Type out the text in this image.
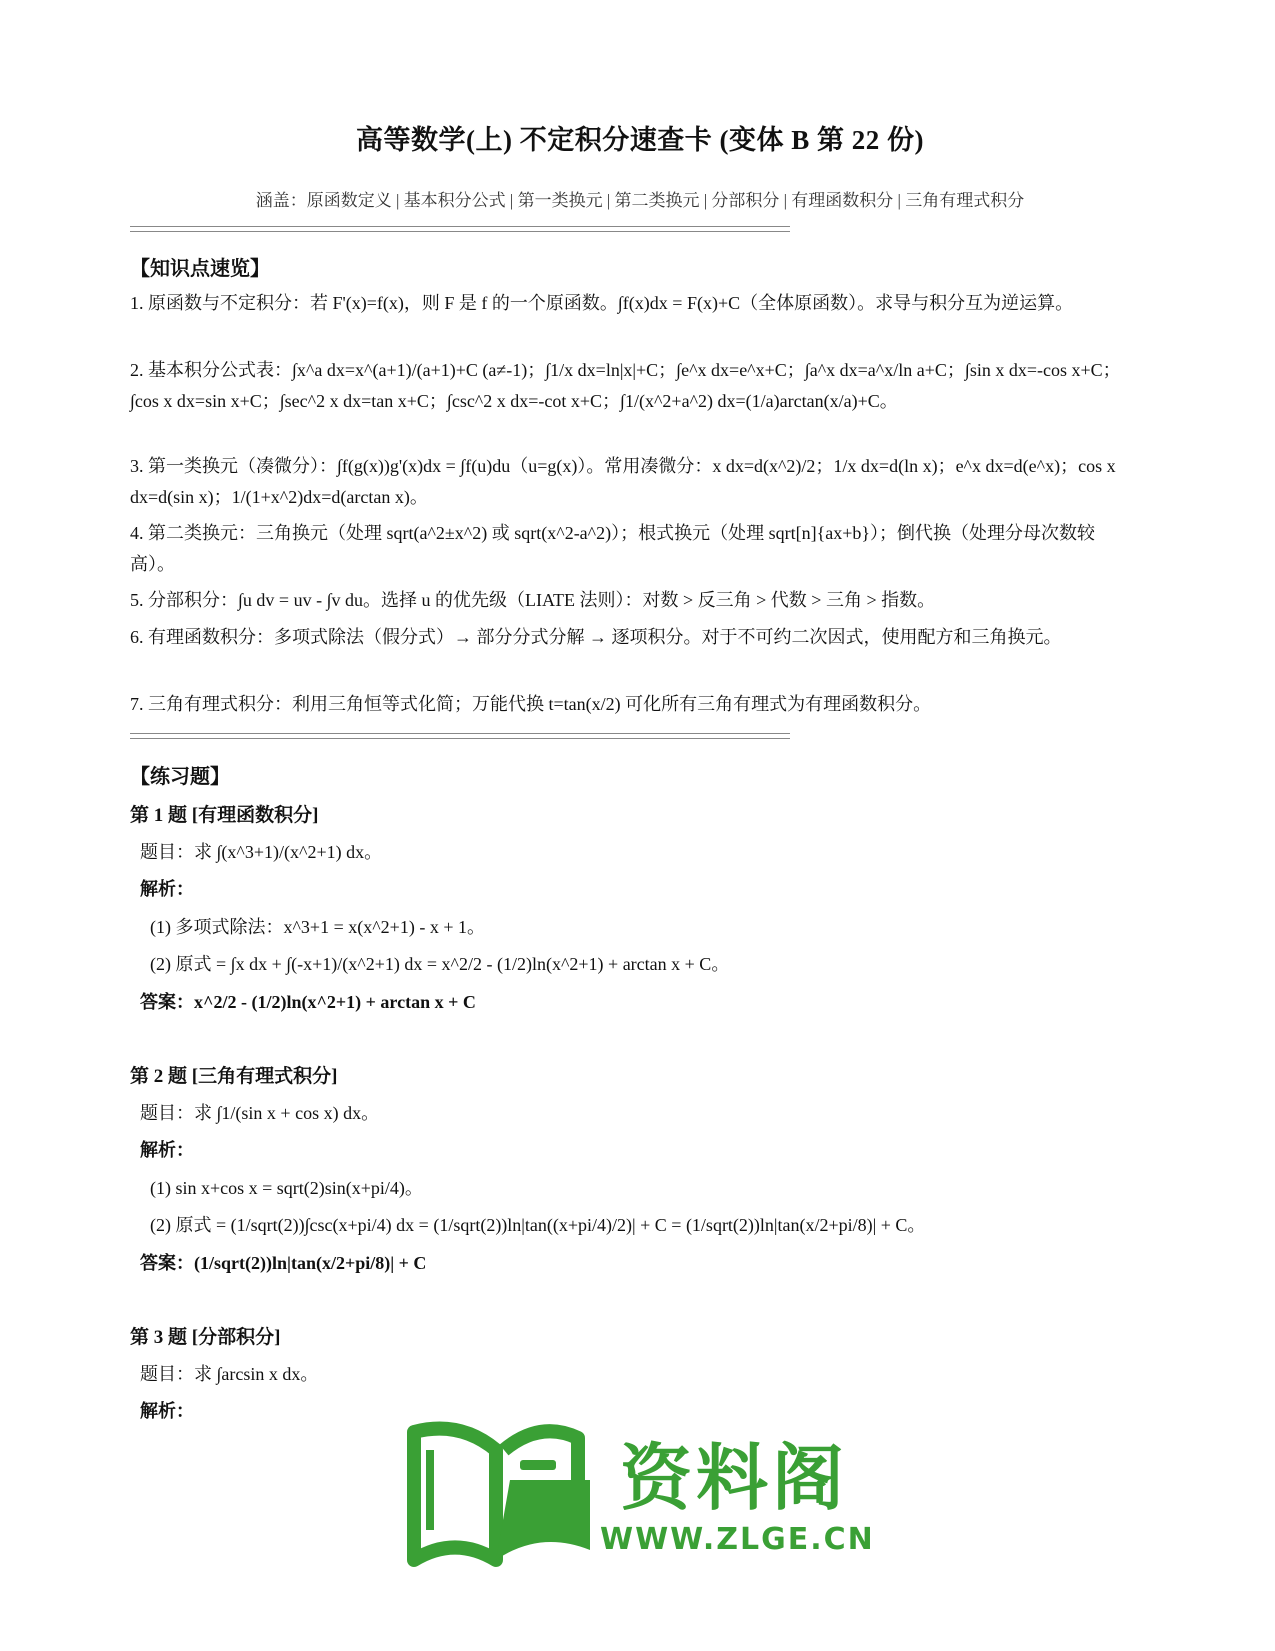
高等数学(上) 不定积分速查卡 (变体 B 第 22 份)
涵盖：原函数定义 | 基本积分公式 | 第一类换元 | 第二类换元 | 分部积分 | 有理函数积分 | 三角有理式积分
【知识点速览】
1. 原函数与不定积分：若 F'(x)=f(x)，则 F 是 f 的一个原函数。∫f(x)dx = F(x)+C（全体原函数）。求导与积分互为逆运算。
2. 基本积分公式表：∫x^a dx=x^(a+1)/(a+1)+C (a≠-1)；∫1/x dx=ln|x|+C；∫e^x dx=e^x+C；∫a^x dx=a^x/ln a+C；∫sin x dx=-cos x+C；∫cos x dx=sin x+C；∫sec^2 x dx=tan x+C；∫csc^2 x dx=-cot x+C；∫1/(x^2+a^2) dx=(1/a)arctan(x/a)+C。
3. 第一类换元（凑微分）：∫f(g(x))g'(x)dx = ∫f(u)du（u=g(x)）。常用凑微分：x dx=d(x^2)/2；1/x dx=d(ln x)；e^x dx=d(e^x)；cos x dx=d(sin x)；1/(1+x^2)dx=d(arctan x)。
4. 第二类换元：三角换元（处理 sqrt(a^2±x^2) 或 sqrt(x^2-a^2)）；根式换元（处理 sqrt[n]{ax+b}）；倒代换（处理分母次数较高）。
5. 分部积分：∫u dv = uv - ∫v du。选择 u 的优先级（LIATE 法则）：对数 > 反三角 > 代数 > 三角 > 指数。
6. 有理函数积分：多项式除法（假分式）→ 部分分式分解 → 逐项积分。对于不可约二次因式，使用配方和三角换元。
7. 三角有理式积分：利用三角恒等式化简；万能代换 t=tan(x/2) 可化所有三角有理式为有理函数积分。
【练习题】
第 1 题 [有理函数积分]
题目：求 ∫(x^3+1)/(x^2+1) dx。
解析：
(1) 多项式除法：x^3+1 = x(x^2+1) - x + 1。
(2) 原式 = ∫x dx + ∫(-x+1)/(x^2+1) dx = x^2/2 - (1/2)ln(x^2+1) + arctan x + C。
答案：x^2/2 - (1/2)ln(x^2+1) + arctan x + C
第 2 题 [三角有理式积分]
题目：求 ∫1/(sin x + cos x) dx。
解析：
(1) sin x+cos x = sqrt(2)sin(x+pi/4)。
(2) 原式 = (1/sqrt(2))∫csc(x+pi/4) dx = (1/sqrt(2))ln|tan((x+pi/4)/2)| + C = (1/sqrt(2))ln|tan(x/2+pi/8)| + C。
答案：(1/sqrt(2))ln|tan(x/2+pi/8)| + C
第 3 题 [分部积分]
题目：求 ∫arcsin x dx。
解析：
资料阁
WWW.ZLGE.CN
